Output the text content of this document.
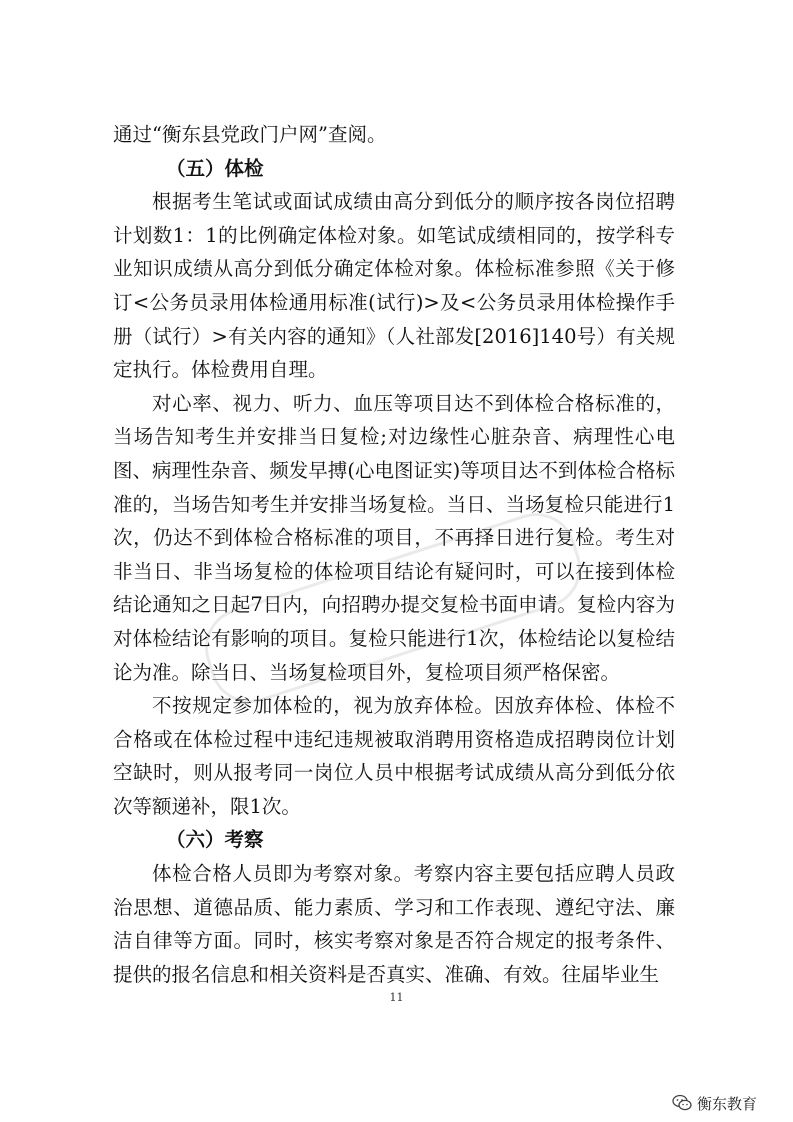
通过“衡东县党政门户网”查阅。

（五）体检

根据考生笔试或面试成绩由高分到低分的顺序按各岗位招聘计划数1：1的比例确定体检对象。如笔试成绩相同的，按学科专业知识成绩从高分到低分确定体检对象。体检标准参照《关于修订<公务员录用体检通用标准(试行)>及<公务员录用体检操作手册（试行）>有关内容的通知》（人社部发[2016]140号）有关规定执行。体检费用自理。

对心率、视力、听力、血压等项目达不到体检合格标准的，当场告知考生并安排当日复检;对边缘性心脏杂音、病理性心电图、病理性杂音、频发早搏(心电图证实)等项目达不到体检合格标准的，当场告知考生并安排当场复检。当日、当场复检只能进行1次，仍达不到体检合格标准的项目，不再择日进行复检。考生对非当日、非当场复检的体检项目结论有疑问时，可以在接到体检结论通知之日起7日内，向招聘办提交复检书面申请。复检内容为对体检结论有影响的项目。复检只能进行1次，体检结论以复检结论为准。除当日、当场复检项目外，复检项目须严格保密。

不按规定参加体检的，视为放弃体检。因放弃体检、体检不合格或在体检过程中违纪违规被取消聘用资格造成招聘岗位计划空缺时，则从报考同一岗位人员中根据考试成绩从高分到低分依次等额递补，限1次。

（六）考察

体检合格人员即为考察对象。考察内容主要包括应聘人员政治思想、道德品质、能力素质、学习和工作表现、遵纪守法、廉洁自律等方面。同时，核实考察对象是否符合规定的报考条件、提供的报名信息和相关资料是否真实、准确、有效。往届毕业生

11
衡东教育
